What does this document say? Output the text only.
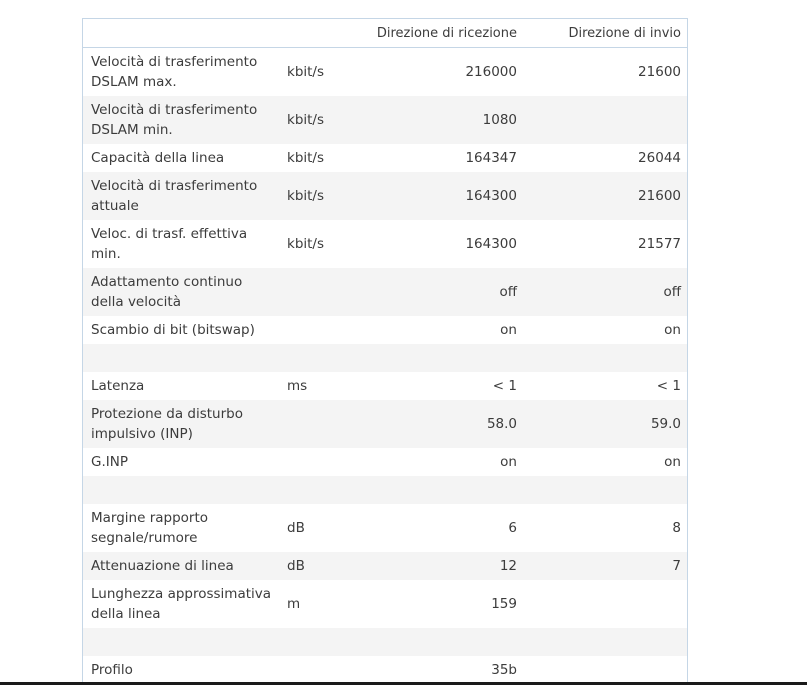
		Direzione di ricezione	Direzione di invio
Velocità di trasferimento DSLAM max.	kbit/s	216000	21600
Velocità di trasferimento DSLAM min.	kbit/s	1080	
Capacità della linea	kbit/s	164347	26044
Velocità di trasferimento attuale	kbit/s	164300	21600
Veloc. di trasf. effettiva min.	kbit/s	164300	21577
Adattamento continuo della velocità		off	off
Scambio di bit (bitswap)		on	on

Latenza	ms	< 1	< 1
Protezione da disturbo impulsivo (INP)		58.0	59.0
G.INP		on	on

Margine rapporto segnale/rumore	dB	6	8
Attenuazione di linea	dB	12	7
Lunghezza approssimativa della linea	m	159	

Profilo		35b	
